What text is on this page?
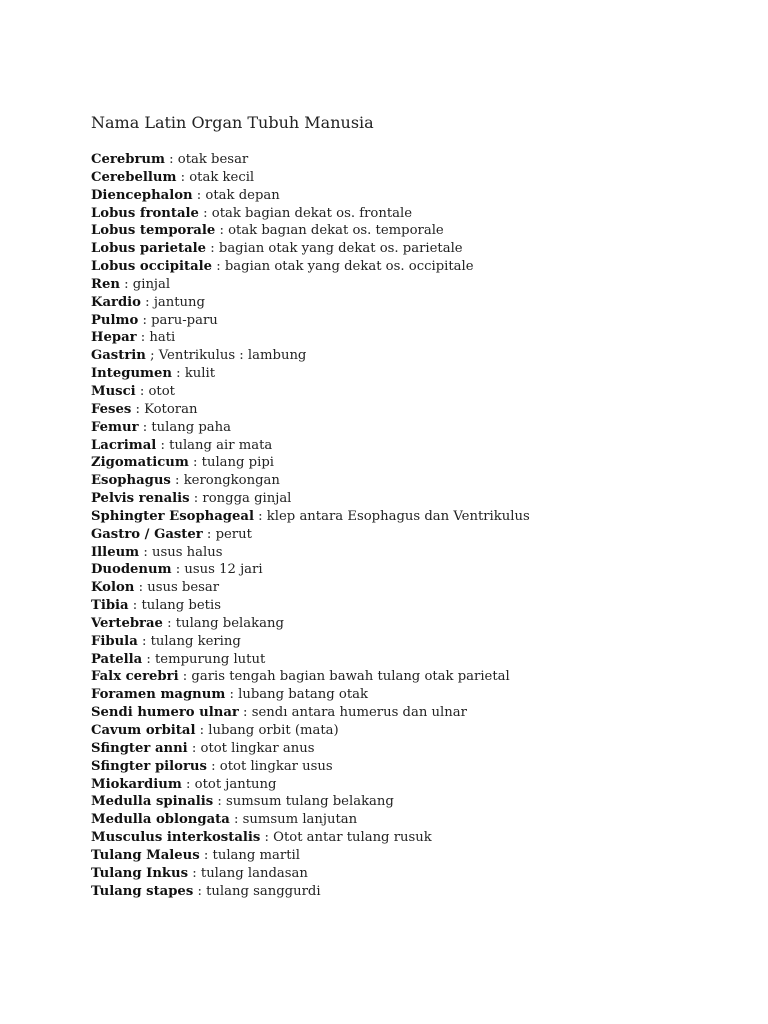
Nama Latin Organ Tubuh Manusia
Cerebrum : otak besar
Cerebellum : otak kecil
Diencephalon : otak depan
Lobus frontale : otak bagian dekat os. frontale
Lobus temporale : otak bagıan dekat os. temporale
Lobus parietale : bagian otak yang dekat os. parietale
Lobus occipitale : bagian otak yang dekat os. occipitale
Ren : ginjal
Kardio : jantung
Pulmo : paru-paru
Hepar : hati
Gastrin ; Ventrikulus : lambung
Integumen : kulit
Musci : otot
Feses : Kotoran
Femur : tulang paha
Lacrimal : tulang air mata
Zigomaticum : tulang pipi
Esophagus : kerongkongan
Pelvis renalis : rongga ginjal
Sphingter Esophageal : klep antara Esophagus dan Ventrikulus
Gastro / Gaster : perut
Illeum : usus halus
Duodenum : usus 12 jari
Kolon : usus besar
Tibia : tulang betis
Vertebrae : tulang belakang
Fibula : tulang kering
Patella : tempurung lutut
Falx cerebri : garis tengah bagian bawah tulang otak parietal
Foramen magnum : lubang batang otak
Sendi humero ulnar : sendı antara humerus dan ulnar
Cavum orbital : lubang orbit (mata)
Sfingter anni : otot lingkar anus
Sfingter pilorus : otot lingkar usus
Miokardium : otot jantung
Medulla spinalis : sumsum tulang belakang
Medulla oblongata : sumsum lanjutan
Musculus interkostalis : Otot antar tulang rusuk
Tulang Maleus : tulang martil
Tulang Inkus : tulang landasan
Tulang stapes : tulang sanggurdi
